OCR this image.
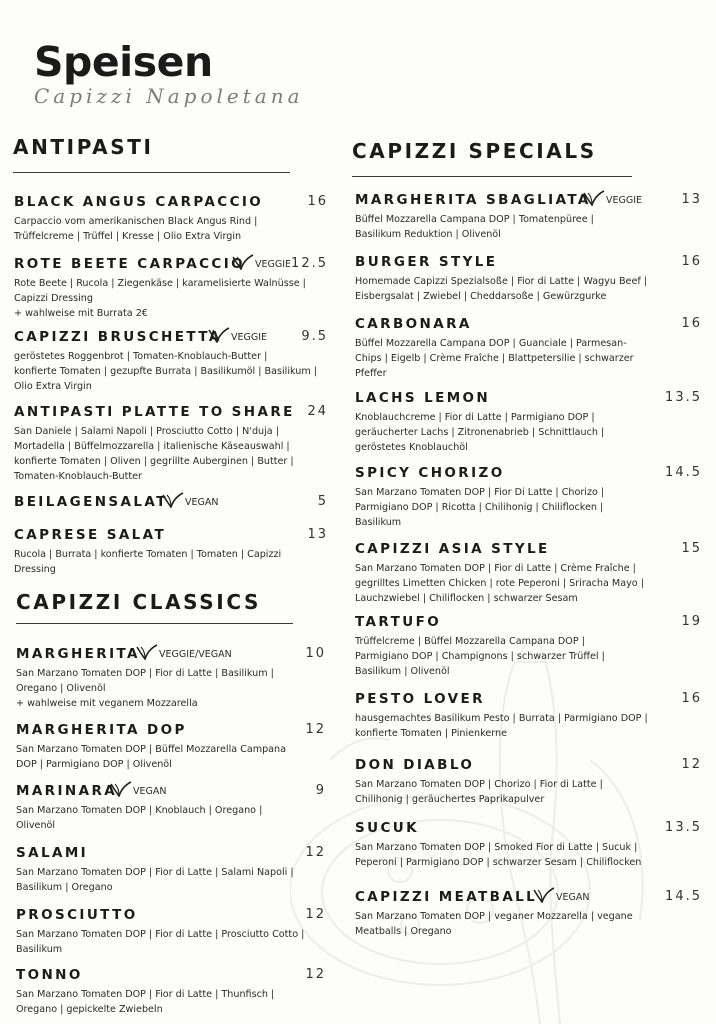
Speisen
Capizzi Napoletana
ANTIPASTI	CAPIZZI SPECIALS
CAPIZZI CLASSICS
BLACK ANGUS CARPACCIO	16
Carpaccio vom amerikanischen Black Angus Rind |
Trüffelcreme | Trüffel | Kresse | Olio Extra Virgin
ROTE BEETE CARPACCIO	VEGGIE 12.5
Rote Beete | Rucola | Ziegenkäse | karamelisierte Walnüsse |
Capizzi Dressing
+ wahlweise mit Burrata 2€
CAPIZZI BRUSCHETTA VEGGIE	9.5
geröstetes Roggenbrot | Tomaten-Knoblauch-Butter |
konfierte Tomaten | gezupfte Burrata | Basilikumöl | Basilikum |
Olio Extra Virgin
ANTIPASTI PLATTE TO SHARE 24
San Daniele | Salami Napoli | Prosciutto Cotto | N'duja |
Mortadella | Büffelmozzarella | italienische Käseauswahl |
konfierte Tomaten | Oliven | gegrillte Auberginen | Butter |
Tomaten-Knoblauch-Butter
BEILAGENSALAT	VEGAN	5
CAPRESE SALAT	13
Rucola | Burrata | konfierte Tomaten | Tomaten | Capizzi
Dressing
MARGHERITA	VEGGIE/VEGAN	10
San Marzano Tomaten DOP | Fior di Latte | Basilikum |
Oregano | Olivenöl
+ wahlweise mit veganem Mozzarella
MARGHERITA DOP	12
San Marzano Tomaten DOP | Büffel Mozzarella Campana
DOP | Parmigiano DOP | Olivenöl
MARINARA	VEGAN	9
San Marzano Tomaten DOP | Knoblauch | Oregano |
Olivenöl
SALAMI	12
San Marzano Tomaten DOP | Fior di Latte | Salami Napoli |
Basilikum | Oregano
PROSCIUTTO	12
San Marzano Tomaten DOP | Fior di Latte | Prosciutto Cotto |
Basilikum
TONNO	12
San Marzano Tomaten DOP | Fior di Latte | Thunfisch |
Oregano | gepickelte Zwiebeln
MARGHERITA SBAGLIATA	VEGGIE	13
Büffel Mozzarella Campana DOP | Tomatenpüree |
Basilikum Reduktion | Olivenöl
BURGER STYLE	16
Homemade Capizzi Spezialsoße | Fior di Latte | Wagyu Beef |
Eisbergsalat | Zwiebel | Cheddarsoße | Gewürzgurke
CARBONARA	16
Büffel Mozzarella Campana DOP | Guanciale | Parmesan-
Chips | Eigelb | Crème Fraîche | Blattpetersilie | schwarzer
Pfeffer
LACHS LEMON	13.5
Knoblauchcreme | Fior di Latte | Parmigiano DOP |
geräucherter Lachs | Zitronenabrieb | Schnittlauch |
geröstetes Knoblauchöl
SPICY CHORIZO	14.5
San Marzano Tomaten DOP | Fior Di Latte | Chorizo |
Parmigiano DOP | Ricotta | Chilihonig | Chiliflocken |
Basilikum
CAPIZZI ASIA STYLE	15
San Marzano Tomaten DOP | Fior di Latte | Crème Fraîche |
gegrilltes Limetten Chicken | rote Peperoni | Sriracha Mayo |
Lauchzwiebel | Chiliflocken | schwarzer Sesam
TARTUFO	19
Trüffelcreme | Büffel Mozzarella Campana DOP |
Parmigiano DOP | Champignons | schwarzer Trüffel |
Basilikum | Olivenöl
PESTO LOVER	16
hausgemachtes Basilikum Pesto | Burrata | Parmigiano DOP |
konfierte Tomaten | Pinienkerne
DON DIABLO	12
San Marzano Tomaten DOP | Chorizo | Fior di Latte |
Chilihonig | geräuchertes Paprikapulver
SUCUK	13.5
San Marzano Tomaten DOP | Smoked Fior di Latte | Sucuk |
Peperoni | Parmigiano DOP | schwarzer Sesam | Chiliflocken
CAPIZZI MEATBALL	VEGAN	14.5
San Marzano Tomaten DOP | veganer Mozzarella | vegane
Meatballs | Oregano
